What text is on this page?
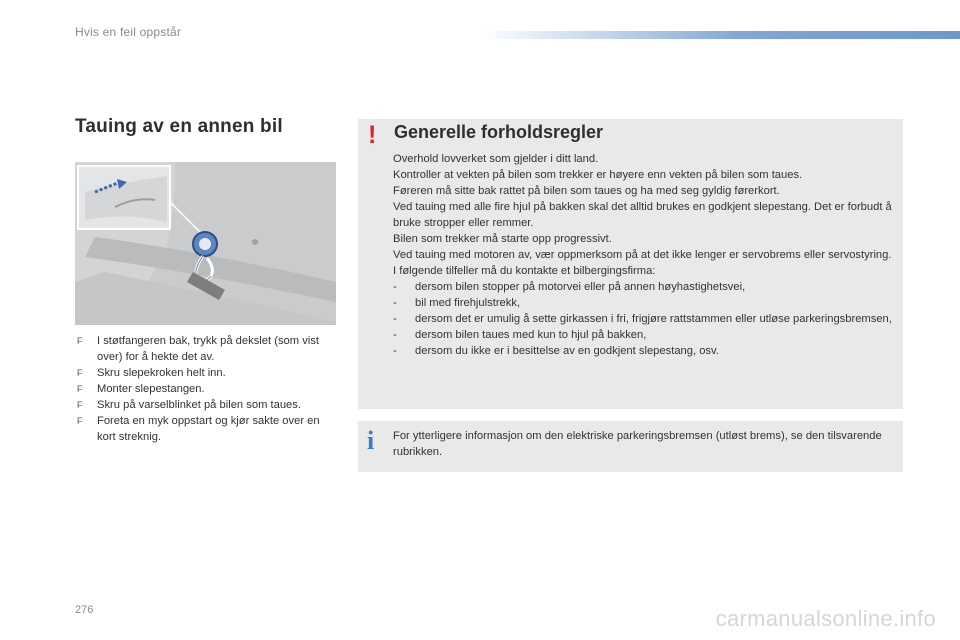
Hvis en feil oppstår
Tauing av en annen bil
F I støtfangeren bak, trykk på dekslet (som vist over) for å hekte det av.
F Skru slepekroken helt inn.
F Monter slepestangen.
F Skru på varselblinket på bilen som taues.
F Foreta en myk oppstart og kjør sakte over en kort streknig.
! Generelle forholdsregler

Overhold lovverket som gjelder i ditt land.

Kontroller at vekten på bilen som trekker er høyere enn vekten på bilen som taues.

Føreren må sitte bak rattet på bilen som taues og ha med seg gyldig førerkort.

Ved tauing med alle fire hjul på bakken skal det alltid brukes en godkjent slepestang. Det er forbudt å bruke stropper eller remmer.

Bilen som trekker må starte opp progressivt.

Ved tauing med motoren av, vær oppmerksom på at det ikke lenger er servobrems eller servostyring.

I følgende tilfeller må du kontakte et bilbergingsfirma:

- dersom bilen stopper på motorvei eller på annen høyhastighetsvei,

- bil med firehjulstrekk,

- dersom det er umulig å sette girkassen i fri, frigjøre rattstammen eller utløse parkeringsbremsen,

- dersom bilen taues med kun to hjul på bakken,

- dersom du ikke er i besittelse av en godkjent slepestang, osv.

i For ytterligere informasjon om den elektriske parkeringsbremsen (utløst brems), se den tilsvarende rubrikken.
276	carmanualsonline.info
